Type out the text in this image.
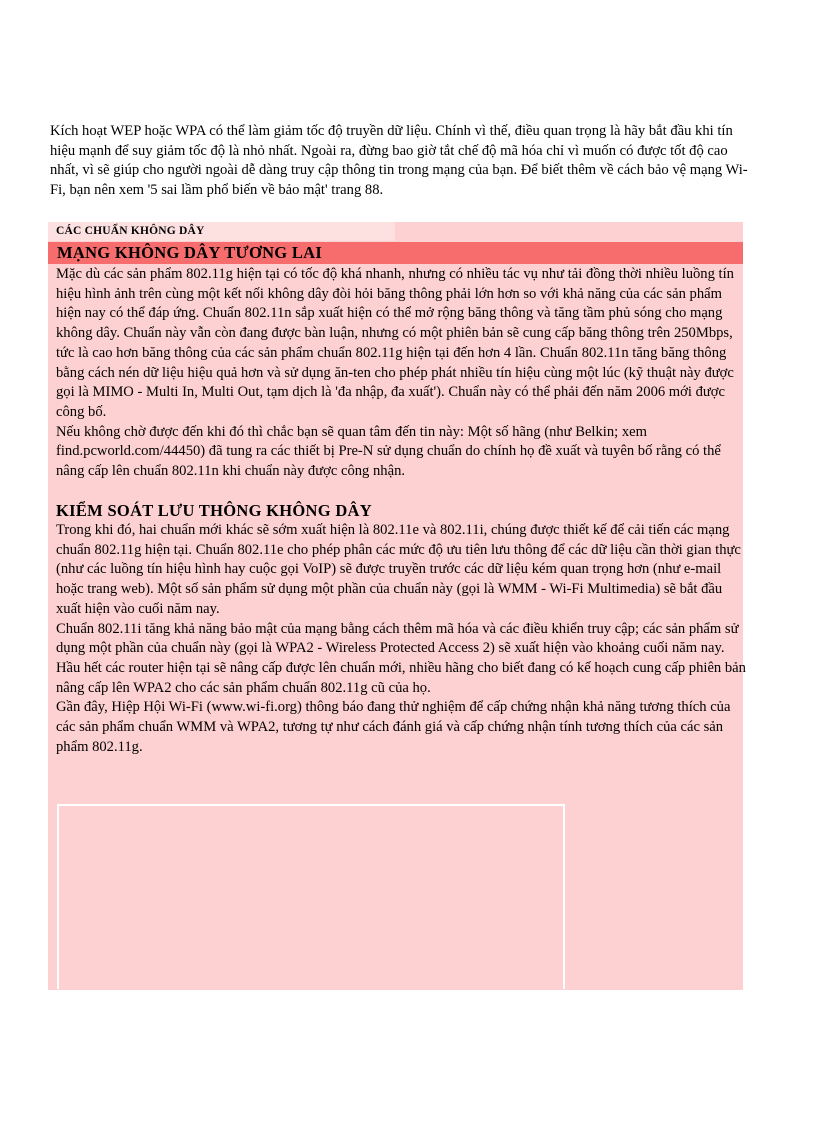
Kích hoạt WEP hoặc WPA có thể làm giảm tốc độ truyền dữ liệu. Chính vì thế, điều quan trọng là hãy bắt đầu khi tín hiệu mạnh để suy giảm tốc độ là nhỏ nhất. Ngoài ra, đừng bao giờ tắt chế độ mã hóa chỉ vì muốn có được tốt độ cao nhất, vì sẽ giúp cho người ngoài dễ dàng truy cập thông tin trong mạng của bạn. Để biết thêm về cách bảo vệ mạng Wi-Fi, bạn nên xem '5 sai lầm phổ biến về bảo mật' trang 88.

CÁC CHUẨN KHÔNG DÂY
MẠNG KHÔNG DÂY TƯƠNG LAI

Mặc dù các sản phẩm 802.11g hiện tại có tốc độ khá nhanh, nhưng có nhiều tác vụ như tải đồng thời nhiều luồng tín hiệu hình ảnh trên cùng một kết nối không dây đòi hỏi băng thông phải lớn hơn so với khả năng của các sản phẩm hiện nay có thể đáp ứng. Chuẩn 802.11n sắp xuất hiện có thể mở rộng băng thông và tăng tầm phủ sóng cho mạng không dây. Chuẩn này vẫn còn đang được bàn luận, nhưng có một phiên bản sẽ cung cấp băng thông trên 250Mbps, tức là cao hơn băng thông của các sản phẩm chuẩn 802.11g hiện tại đến hơn 4 lần. Chuẩn 802.11n tăng băng thông bằng cách nén dữ liệu hiệu quả hơn và sử dụng ăn-ten cho phép phát nhiều tín hiệu cùng một lúc (kỹ thuật này được gọi là MIMO - Multi In, Multi Out, tạm dịch là 'đa nhập, đa xuất'). Chuẩn này có thể phải đến năm 2006 mới được công bố.

Nếu không chờ được đến khi đó thì chắc bạn sẽ quan tâm đến tin này: Một số hãng (như Belkin; xem find.pcworld.com/44450) đã tung ra các thiết bị Pre-N sử dụng chuẩn do chính họ đề xuất và tuyên bố rằng có thể nâng cấp lên chuẩn 802.11n khi chuẩn này được công nhận.

KIỂM SOÁT LƯU THÔNG KHÔNG DÂY

Trong khi đó, hai chuẩn mới khác sẽ sớm xuất hiện là 802.11e và 802.11i, chúng được thiết kế để cải tiến các mạng chuẩn 802.11g hiện tại. Chuẩn 802.11e cho phép phân các mức độ ưu tiên lưu thông để các dữ liệu cần thời gian thực (như các luồng tín hiệu hình hay cuộc gọi VoIP) sẽ được truyền trước các dữ liệu kém quan trọng hơn (như e-mail hoặc trang web). Một số sản phẩm sử dụng một phần của chuẩn này (gọi là WMM - Wi-Fi Multimedia) sẽ bắt đầu xuất hiện vào cuối năm nay.

Chuẩn 802.11i tăng khả năng bảo mật của mạng bằng cách thêm mã hóa và các điều khiển truy cập; các sản phẩm sử dụng một phần của chuẩn này (gọi là WPA2 - Wireless Protected Access 2) sẽ xuất hiện vào khoảng cuối năm nay. Hầu hết các router hiện tại sẽ nâng cấp được lên chuẩn mới, nhiều hãng cho biết đang có kế hoạch cung cấp phiên bản nâng cấp lên WPA2 cho các sản phẩm chuẩn 802.11g cũ của họ.

Gần đây, Hiệp Hội Wi-Fi (www.wi-fi.org) thông báo đang thử nghiệm để cấp chứng nhận khả năng tương thích của các sản phẩm chuẩn WMM và WPA2, tương tự như cách đánh giá và cấp chứng nhận tính tương thích của các sản phẩm 802.11g.
